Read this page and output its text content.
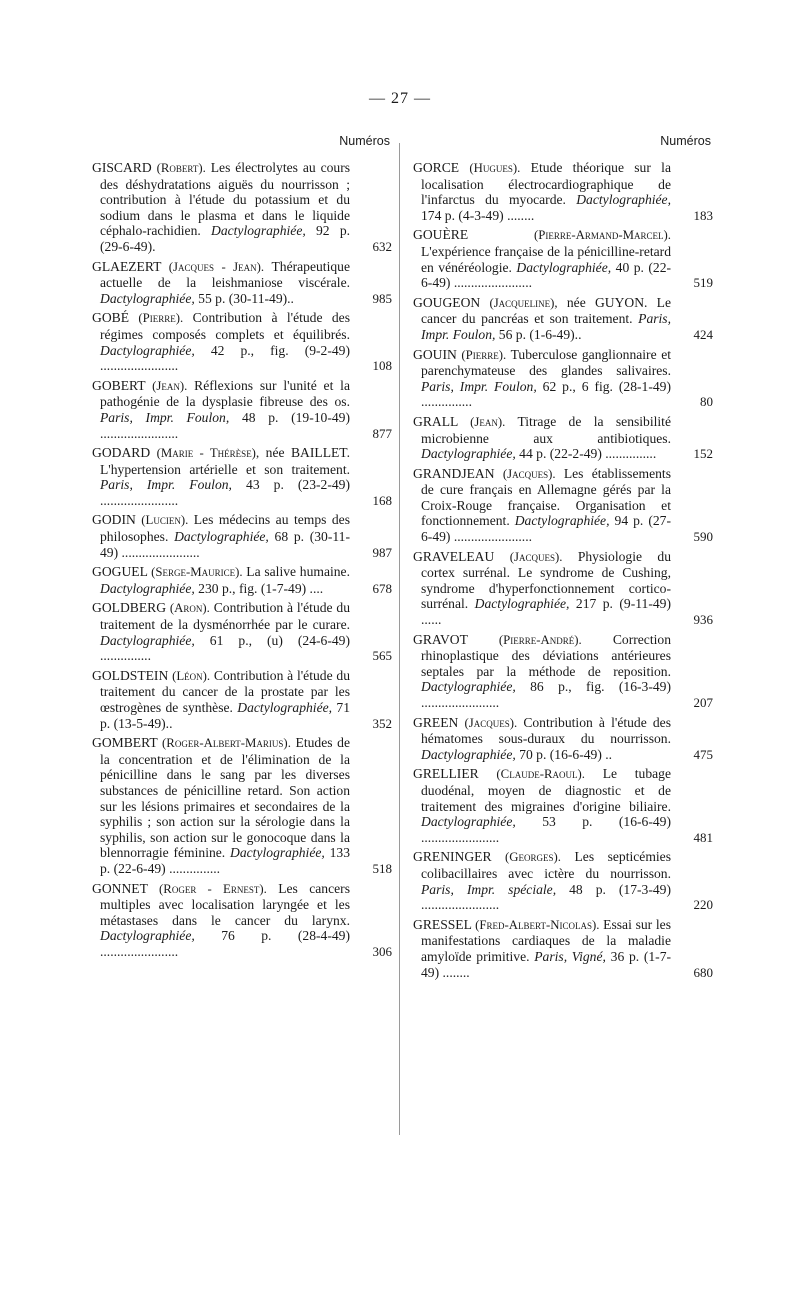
— 27 —
Numéros
GISCARD (Robert). Les électrolytes au cours des déshydratations aiguës du nourrisson ; contribution à l'étude du potassium et du sodium dans le plasma et dans le liquide céphalo-rachidien. Dactylographiée, 92 p. (29-6-49).	632
GLAEZERT (Jacques - Jean). Thérapeutique actuelle de la leishmaniose viscérale. Dactylographiée, 55 p. (30-11-49)..	985
GOBÉ (Pierre). Contribution à l'étude des régimes composés complets et équilibrés. Dactylographiée, 42 p., fig. (9-2-49) .......................	108
GOBERT (Jean). Réflexions sur l'unité et la pathogénie de la dysplasie fibreuse des os. Paris, Impr. Foulon, 48 p. (19-10-49) .......................	877
GODARD (Marie - Thérèse), née BAILLET. L'hypertension artérielle et son traitement. Paris, Impr. Foulon, 43 p. (23-2-49) .......................	168
GODIN (Lucien). Les médecins au temps des philosophes. Dactylographiée, 68 p. (30-11-49) .......................	987
GOGUEL (Serge-Maurice). La salive humaine. Dactylographiée, 230 p., fig. (1-7-49) ....	678
GOLDBERG (Aron). Contribution à l'étude du traitement de la dysménorrhée par le curare. Dactylographiée, 61 p., (u) (24-6-49) ...............	565
GOLDSTEIN (Léon). Contribution à l'étude du traitement du cancer de la prostate par les œstrogènes de synthèse. Dactylographiée, 71 p. (13-5-49)..	352
GOMBERT (Roger-Albert-Marius). Etudes de la concentration et de l'élimination de la pénicilline dans le sang par les diverses substances de pénicilline retard. Son action sur les lésions primaires et secondaires de la syphilis ; son action sur la sérologie dans la syphilis, son action sur le gonocoque dans la blennorragie féminine. Dactylographiée, 133 p. (22-6-49) ...............	518
GONNET (Roger - Ernest). Les cancers multiples avec localisation laryngée et les métastases dans le cancer du larynx. Dactylographiée, 76 p. (28-4-49) .......................	306
Numéros
GORCE (Hugues). Etude théorique sur la localisation électrocardiographique de l'infarctus du myocarde. Dactylographiée, 174 p. (4-3-49) ........	183
GOUÈRE	(Pierre-Armand-Marcel). L'expérience française de la pénicilline-retard en vénéréologie. Dactylographiée, 40 p. (22-6-49) .......................	519
GOUGEON (Jacqueline), née GUYON. Le cancer du pancréas et son traitement. Paris, Impr. Foulon, 56 p. (1-6-49)..	424
GOUIN (Pierre). Tuberculose ganglionnaire et parenchymateuse des glandes salivaires. Paris, Impr. Foulon, 62 p., 6 fig. (28-1-49) ...............	80
GRALL (Jean). Titrage de la sensibilité microbienne aux antibiotiques. Dactylographiée, 44 p. (22-2-49) ...............	152
GRANDJEAN (Jacques). Les établissements de cure français en Allemagne gérés par la Croix-Rouge française. Organisation et fonctionnement. Dactylographiée, 94 p. (27-6-49) .......................	590
GRAVELEAU (Jacques). Physiologie du cortex surrénal. Le syndrome de Cushing, syndrome d'hyperfonctionnement cortico-surrénal. Dactylographiée, 217 p. (9-11-49) ......	936
GRAVOT (Pierre-André). Correction rhinoplastique des déviations antérieures septales par la méthode de reposition. Dactylographiée, 86 p., fig. (16-3-49) .......................	207
GREEN (Jacques). Contribution à l'étude des hématomes sous-duraux du nourrisson. Dactylographiée, 70 p. (16-6-49) ..	475
GRELLIER (Claude-Raoul). Le tubage duodénal, moyen de diagnostic et de traitement des migraines d'origine biliaire. Dactylographiée, 53 p. (16-6-49) .......................	481
GRENINGER (Georges). Les septicémies colibacillaires avec ictère du nourrisson. Paris, Impr. spéciale, 48 p. (17-3-49) .......................	220
GRESSEL (Fred-Albert-Nicolas). Essai sur les manifestations cardiaques de la maladie amyloïde primitive. Paris, Vigné, 36 p. (1-7-49) ........	680
